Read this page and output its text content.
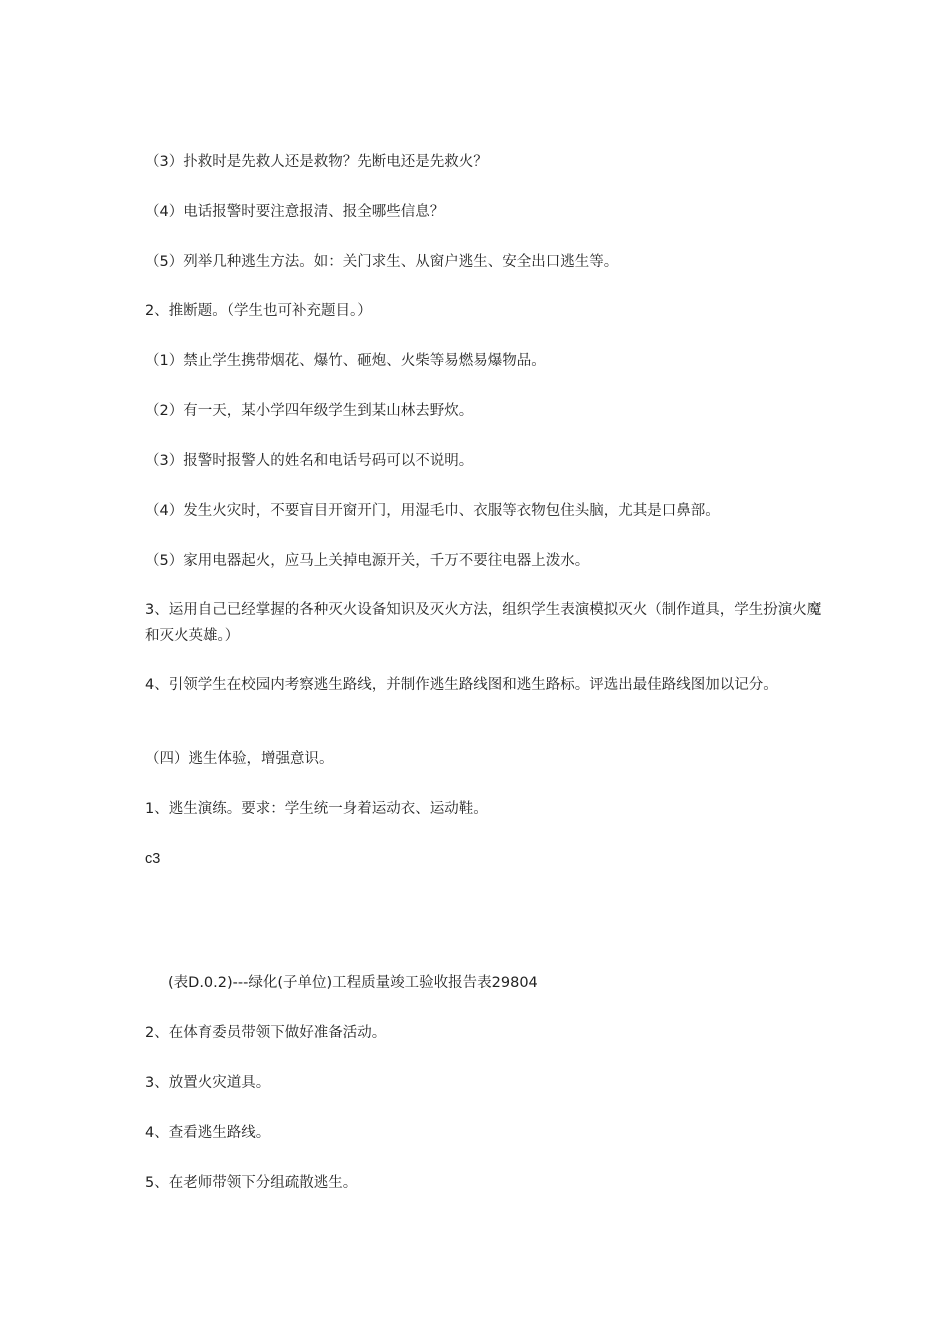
（3）扑救时是先救人还是救物？先断电还是先救火？
（4）电话报警时要注意报清、报全哪些信息？
（5）列举几种逃生方法。如：关门求生、从窗户逃生、安全出口逃生等。
2、推断题。（学生也可补充题目。）
（1）禁止学生携带烟花、爆竹、砸炮、火柴等易燃易爆物品。
（2）有一天，某小学四年级学生到某山林去野炊。
（3）报警时报警人的姓名和电话号码可以不说明。
（4）发生火灾时，不要盲目开窗开门，用湿毛巾、衣服等衣物包住头脑，尤其是口鼻部。
（5）家用电器起火，应马上关掉电源开关，千万不要往电器上泼水。
3、运用自己已经掌握的各种灭火设备知识及灭火方法，组织学生表演模拟灭火（制作道具，学生扮演火魔和灭火英雄。）
4、引领学生在校园内考察逃生路线，并制作逃生路线图和逃生路标。评选出最佳路线图加以记分。
（四）逃生体验，增强意识。
1、逃生演练。要求：学生统一身着运动衣、运动鞋。
c3
(表D.0.2)---绿化(子单位)工程质量竣工验收报告表29804
2、在体育委员带领下做好准备活动。
3、放置火灾道具。
4、查看逃生路线。
5、在老师带领下分组疏散逃生。
